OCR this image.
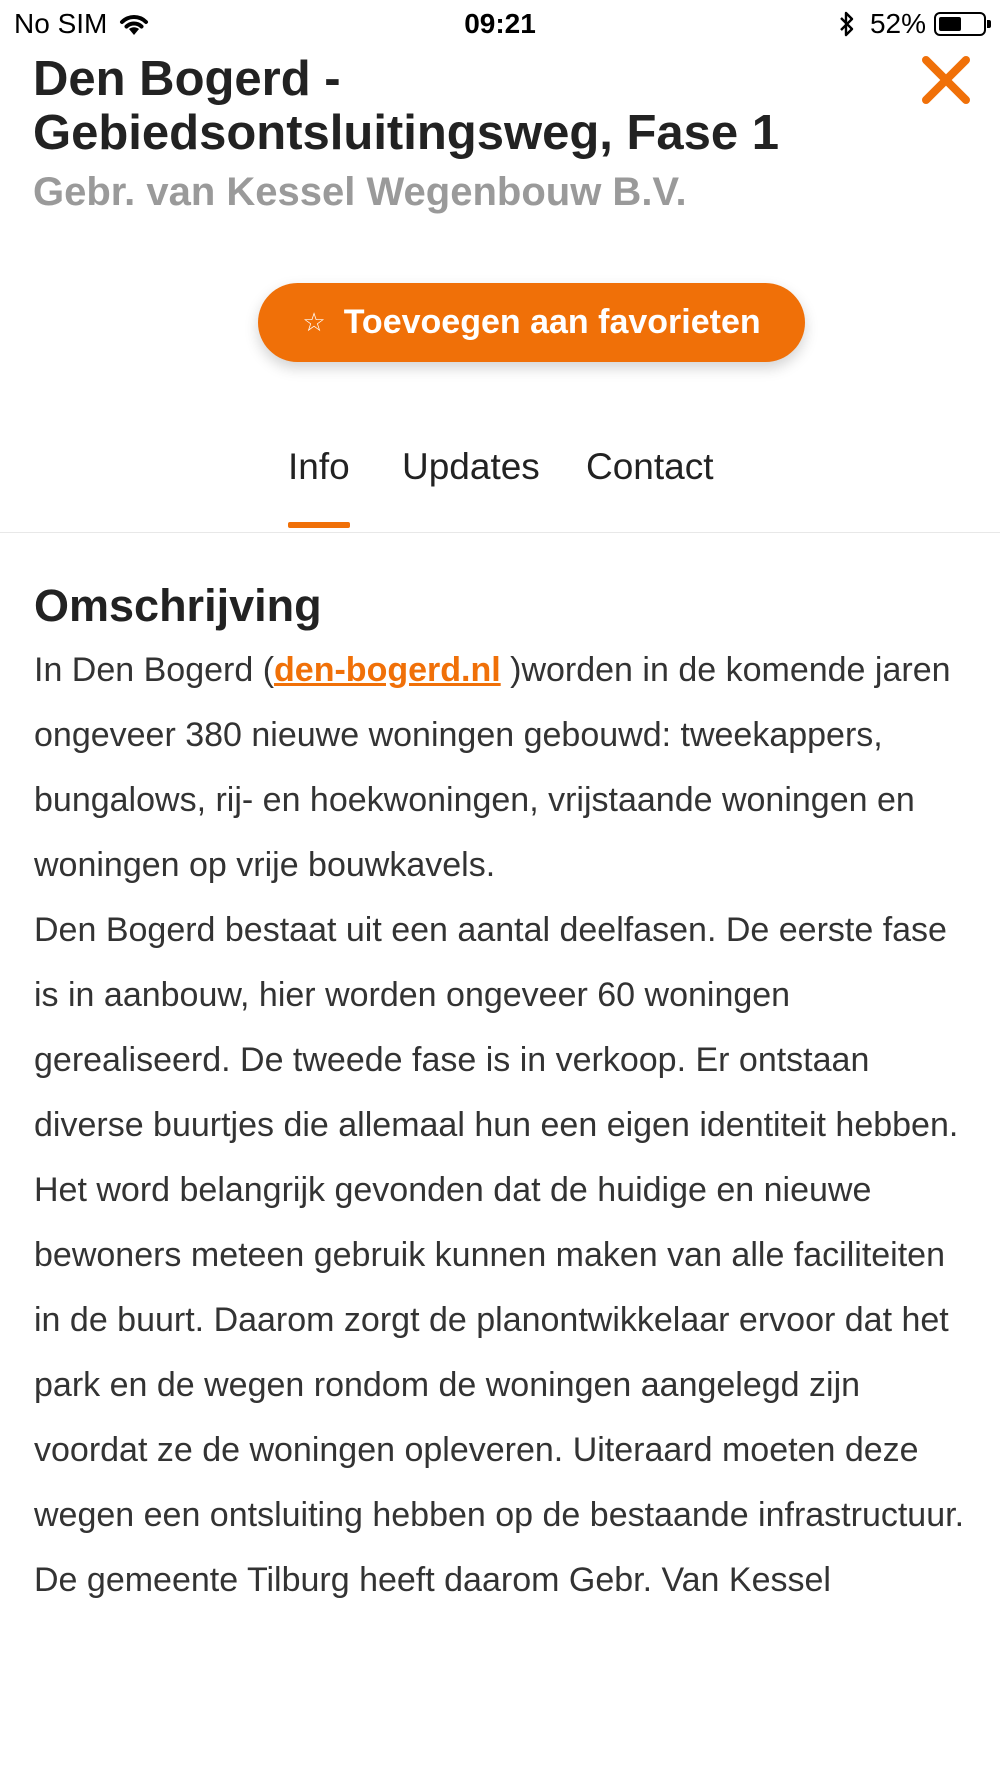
No SIM	09:21	52%
Den Bogerd - Gebiedsontsluitingsweg, Fase 1
Gebr. van Kessel Wegenbouw B.V.
☆ Toevoegen aan favorieten
Info Updates Contact
Omschrijving

In Den Bogerd (den-bogerd.nl )worden in de komende jaren ongeveer 380 nieuwe woningen gebouwd: tweekappers, bungalows, rij- en hoekwoningen, vrijstaande woningen en woningen op vrije bouwkavels.

Den Bogerd bestaat uit een aantal deelfasen. De eerste fase is in aanbouw, hier worden ongeveer 60 woningen gerealiseerd. De tweede fase is in verkoop. Er ontstaan diverse buurtjes die allemaal hun een eigen identiteit hebben.

Het word belangrijk gevonden dat de huidige en nieuwe bewoners meteen gebruik kunnen maken van alle faciliteiten in de buurt. Daarom zorgt de planontwikkelaar ervoor dat het park en de wegen rondom de woningen aangelegd zijn voordat ze de woningen opleveren. Uiteraard moeten deze wegen een ontsluiting hebben op de bestaande infrastructuur.

De gemeente Tilburg heeft daarom Gebr. Van Kessel
